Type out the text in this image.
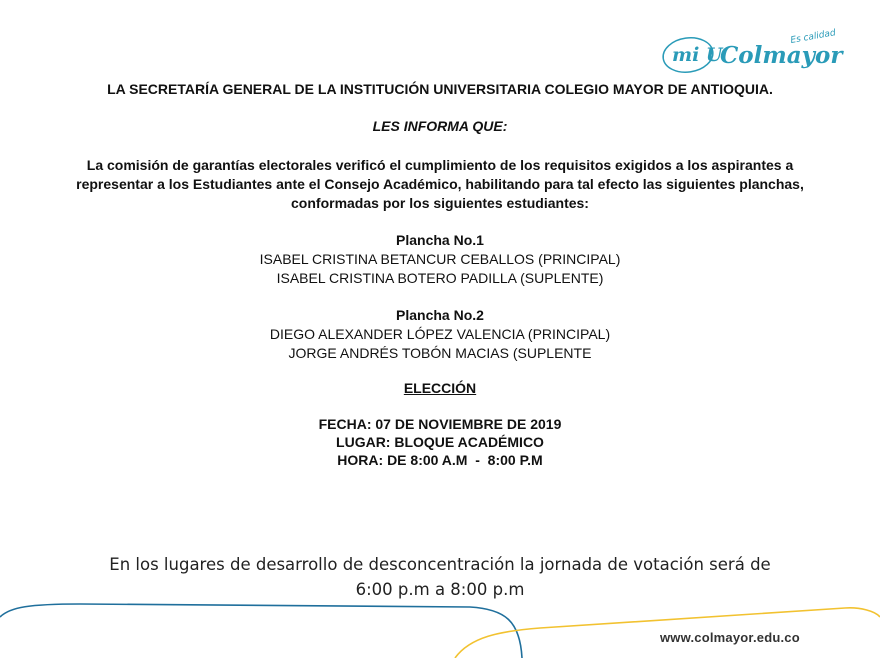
mi U
Colmayor
Es calidad
LA SECRETARÍA GENERAL DE LA INSTITUCIÓN UNIVERSITARIA COLEGIO MAYOR DE ANTIOQUIA.
LES INFORMA QUE:
La comisión de garantías electorales verificó el cumplimiento de los requisitos exigidos a los aspirantes a representar a los Estudiantes ante el Consejo Académico, habilitando para tal efecto las siguientes planchas, conformadas por los siguientes estudiantes:
Plancha No.1
ISABEL CRISTINA BETANCUR CEBALLOS (PRINCIPAL)
ISABEL CRISTINA BOTERO PADILLA (SUPLENTE)
Plancha No.2
DIEGO ALEXANDER LÓPEZ VALENCIA (PRINCIPAL)
JORGE ANDRÉS TOBÓN MACIAS (SUPLENTE
ELECCIÓN
FECHA: 07 DE NOVIEMBRE DE 2019
LUGAR: BLOQUE ACADÉMICO
HORA: DE 8:00 A.M  -  8:00 P.M
En los lugares de desarrollo de desconcentración la jornada de votación será de
6:00 p.m a 8:00 p.m
www.colmayor.edu.co
